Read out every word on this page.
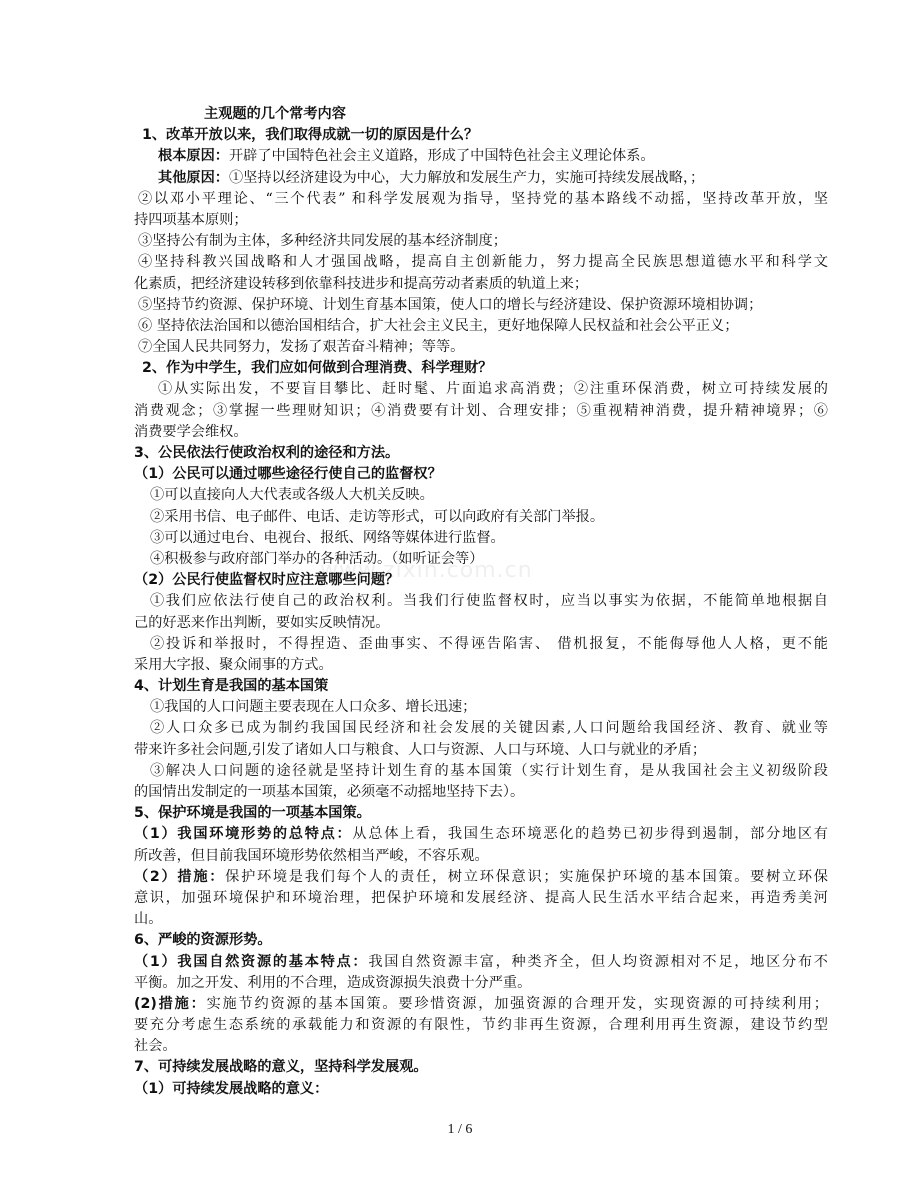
www.zixin.com.cn
主观题的几个常考内容
1、改革开放以来，我们取得成就一切的原因是什么？
根本原因：开辟了中国特色社会主义道路，形成了中国特色社会主义理论体系。
其他原因：①坚持以经济建设为中心，大力解放和发展生产力，实施可持续发展战略，；
②以邓小平理论、“三个代表” 和科学发展观为指导，坚持党的基本路线不动摇，坚持改革开放，坚
持四项基本原则；
③坚持公有制为主体，多种经济共同发展的基本经济制度；
④坚持科教兴国战略和人才强国战略，提高自主创新能力，努力提高全民族思想道德水平和科学文
化素质，把经济建设转移到依靠科技进步和提高劳动者素质的轨道上来；
⑤坚持节约资源、保护环境、计划生育基本国策，使人口的增长与经济建设、保护资源环境相协调；
⑥ 坚持依法治国和以德治国相结合，扩大社会主义民主，更好地保障人民权益和社会公平正义；
⑦全国人民共同努力，发扬了艰苦奋斗精神；等等。
2、作为中学生，我们应如何做到合理消费、科学理财？
①从实际出发，不要盲目攀比、赶时髦、片面追求高消费；②注重环保消费，树立可持续发展的
消费观念；③掌握一些理财知识；④消费要有计划、合理安排；⑤重视精神消费，提升精神境界；⑥
消费要学会维权。
3、公民依法行使政治权利的途径和方法。
（1）公民可以通过哪些途径行使自己的监督权？
①可以直接向人大代表或各级人大机关反映。
②采用书信、电子邮件、电话、走访等形式，可以向政府有关部门举报。
③可以通过电台、电视台、报纸、网络等媒体进行监督。
④积极参与政府部门举办的各种活动。（如听证会等）
（2）公民行使监督权时应注意哪些问题？
①我们应依法行使自己的政治权利。当我们行使监督权时，应当以事实为依据，不能简单地根据自
己的好恶来作出判断，要如实反映情况。
②投诉和举报时，不得捏造、歪曲事实、不得诬告陷害、 借机报复，不能侮辱他人人格，更不能
采用大字报、聚众闹事的方式。
4、计划生育是我国的基本国策
①我国的人口问题主要表现在人口众多、增长迅速；
②人口众多已成为制约我国国民经济和社会发展的关键因素,人口问题给我国经济、教育、就业等
带来许多社会问题,引发了诸如人口与粮食、人口与资源、人口与环境、人口与就业的矛盾；
③解决人口问题的途径就是坚持计划生育的基本国策（实行计划生育，是从我国社会主义初级阶段
的国情出发制定的一项基本国策，必须毫不动摇地坚持下去）。
5、保护环境是我国的一项基本国策。
（1）我国环境形势的总特点：从总体上看，我国生态环境恶化的趋势已初步得到遏制，部分地区有
所改善，但目前我国环境形势依然相当严峻，不容乐观。
（2）措施：保护环境是我们每个人的责任，树立环保意识；实施保护环境的基本国策。要树立环保
意识，加强环境保护和环境治理，把保护环境和发展经济、提高人民生活水平结合起来，再造秀美河
山。
6、严峻的资源形势。
（1）我国自然资源的基本特点：我国自然资源丰富，种类齐全，但人均资源相对不足，地区分布不
平衡。加之开发、利用的不合理，造成资源损失浪费十分严重。
(2)措施：实施节约资源的基本国策。要珍惜资源，加强资源的合理开发，实现资源的可持续利用；
要充分考虑生态系统的承载能力和资源的有限性，节约非再生资源，合理利用再生资源，建设节约型
社会。
7、可持续发展战略的意义，坚持科学发展观。
（1）可持续发展战略的意义：
1 / 6
